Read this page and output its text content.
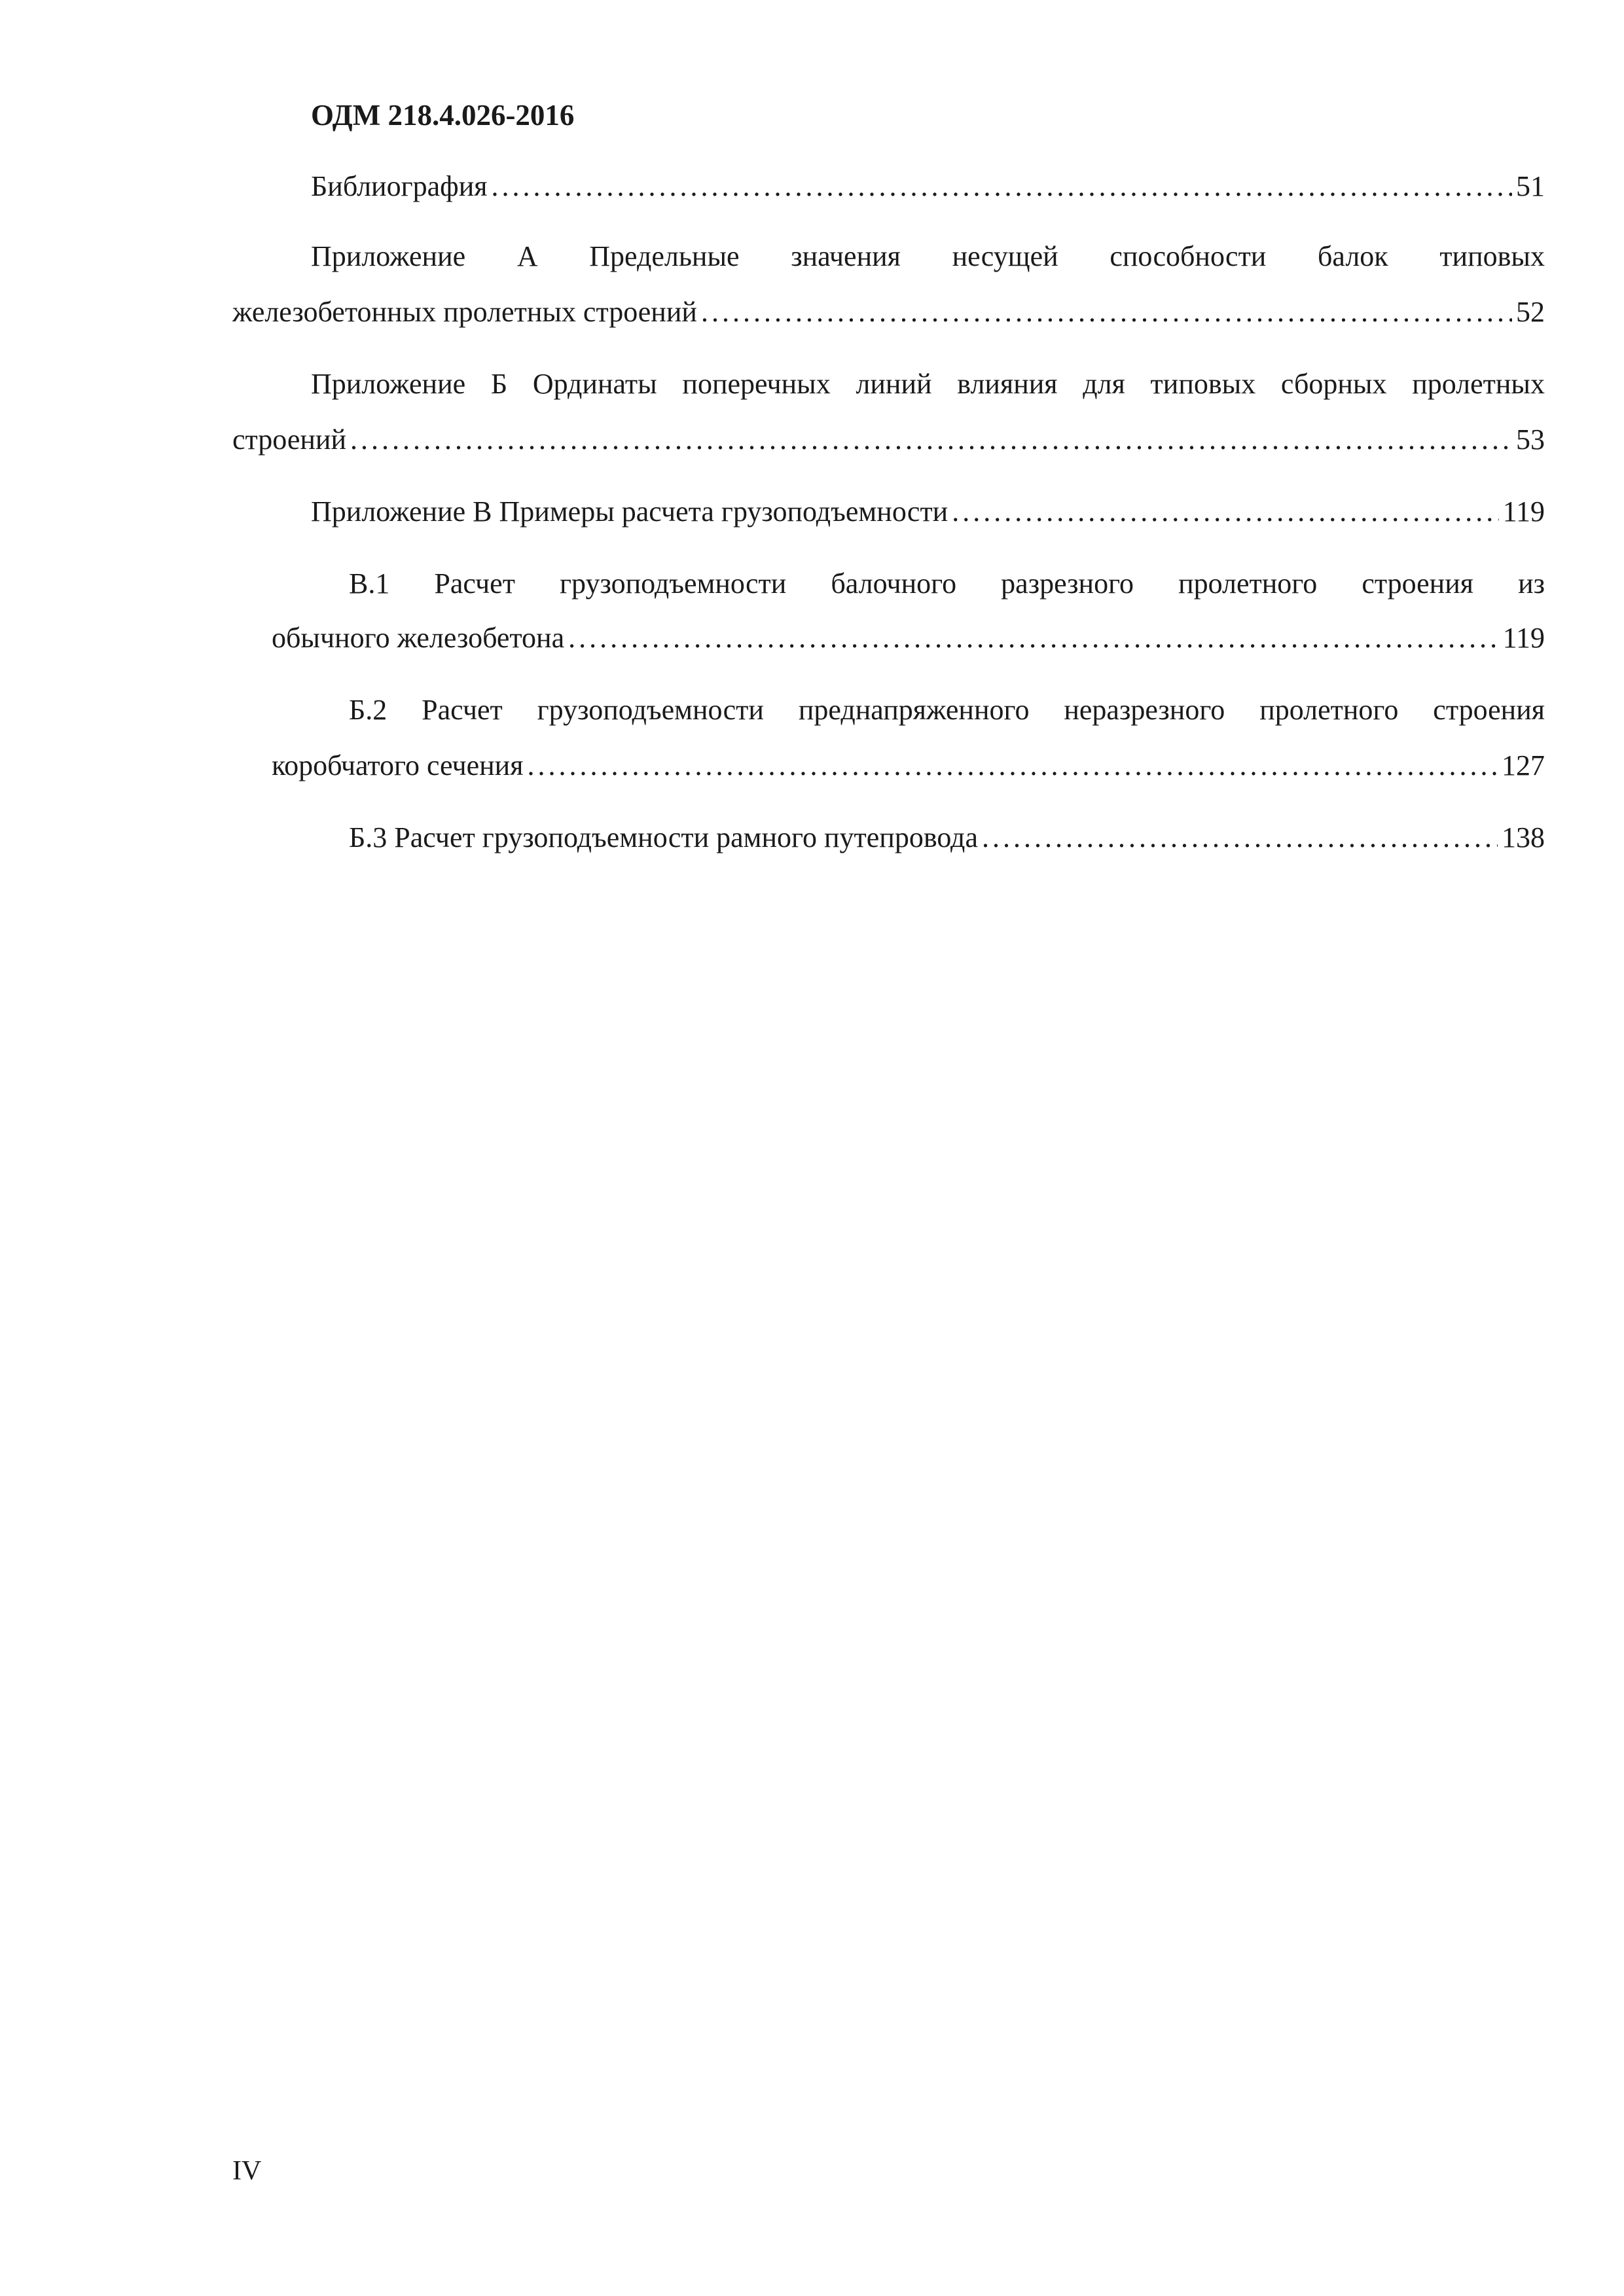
ОДМ 218.4.026-2016
Библиография . . .	51
Приложение А Предельные значения несущей способности балок типовых
железобетонных пролетных строений . . .	52
Приложение Б Ординаты поперечных линий влияния для типовых сборных пролетных
строений . . .	53
Приложение В Примеры расчета грузоподъемности . . .	119
В.1 Расчет грузоподъемности балочного разрезного пролетного строения из
обычного железобетона . . .	119
Б.2 Расчет грузоподъемности преднапряженного неразрезного пролетного строения
коробчатого сечения . . .	127
Б.3 Расчет грузоподъемности рамного путепровода . . .	138
IV
